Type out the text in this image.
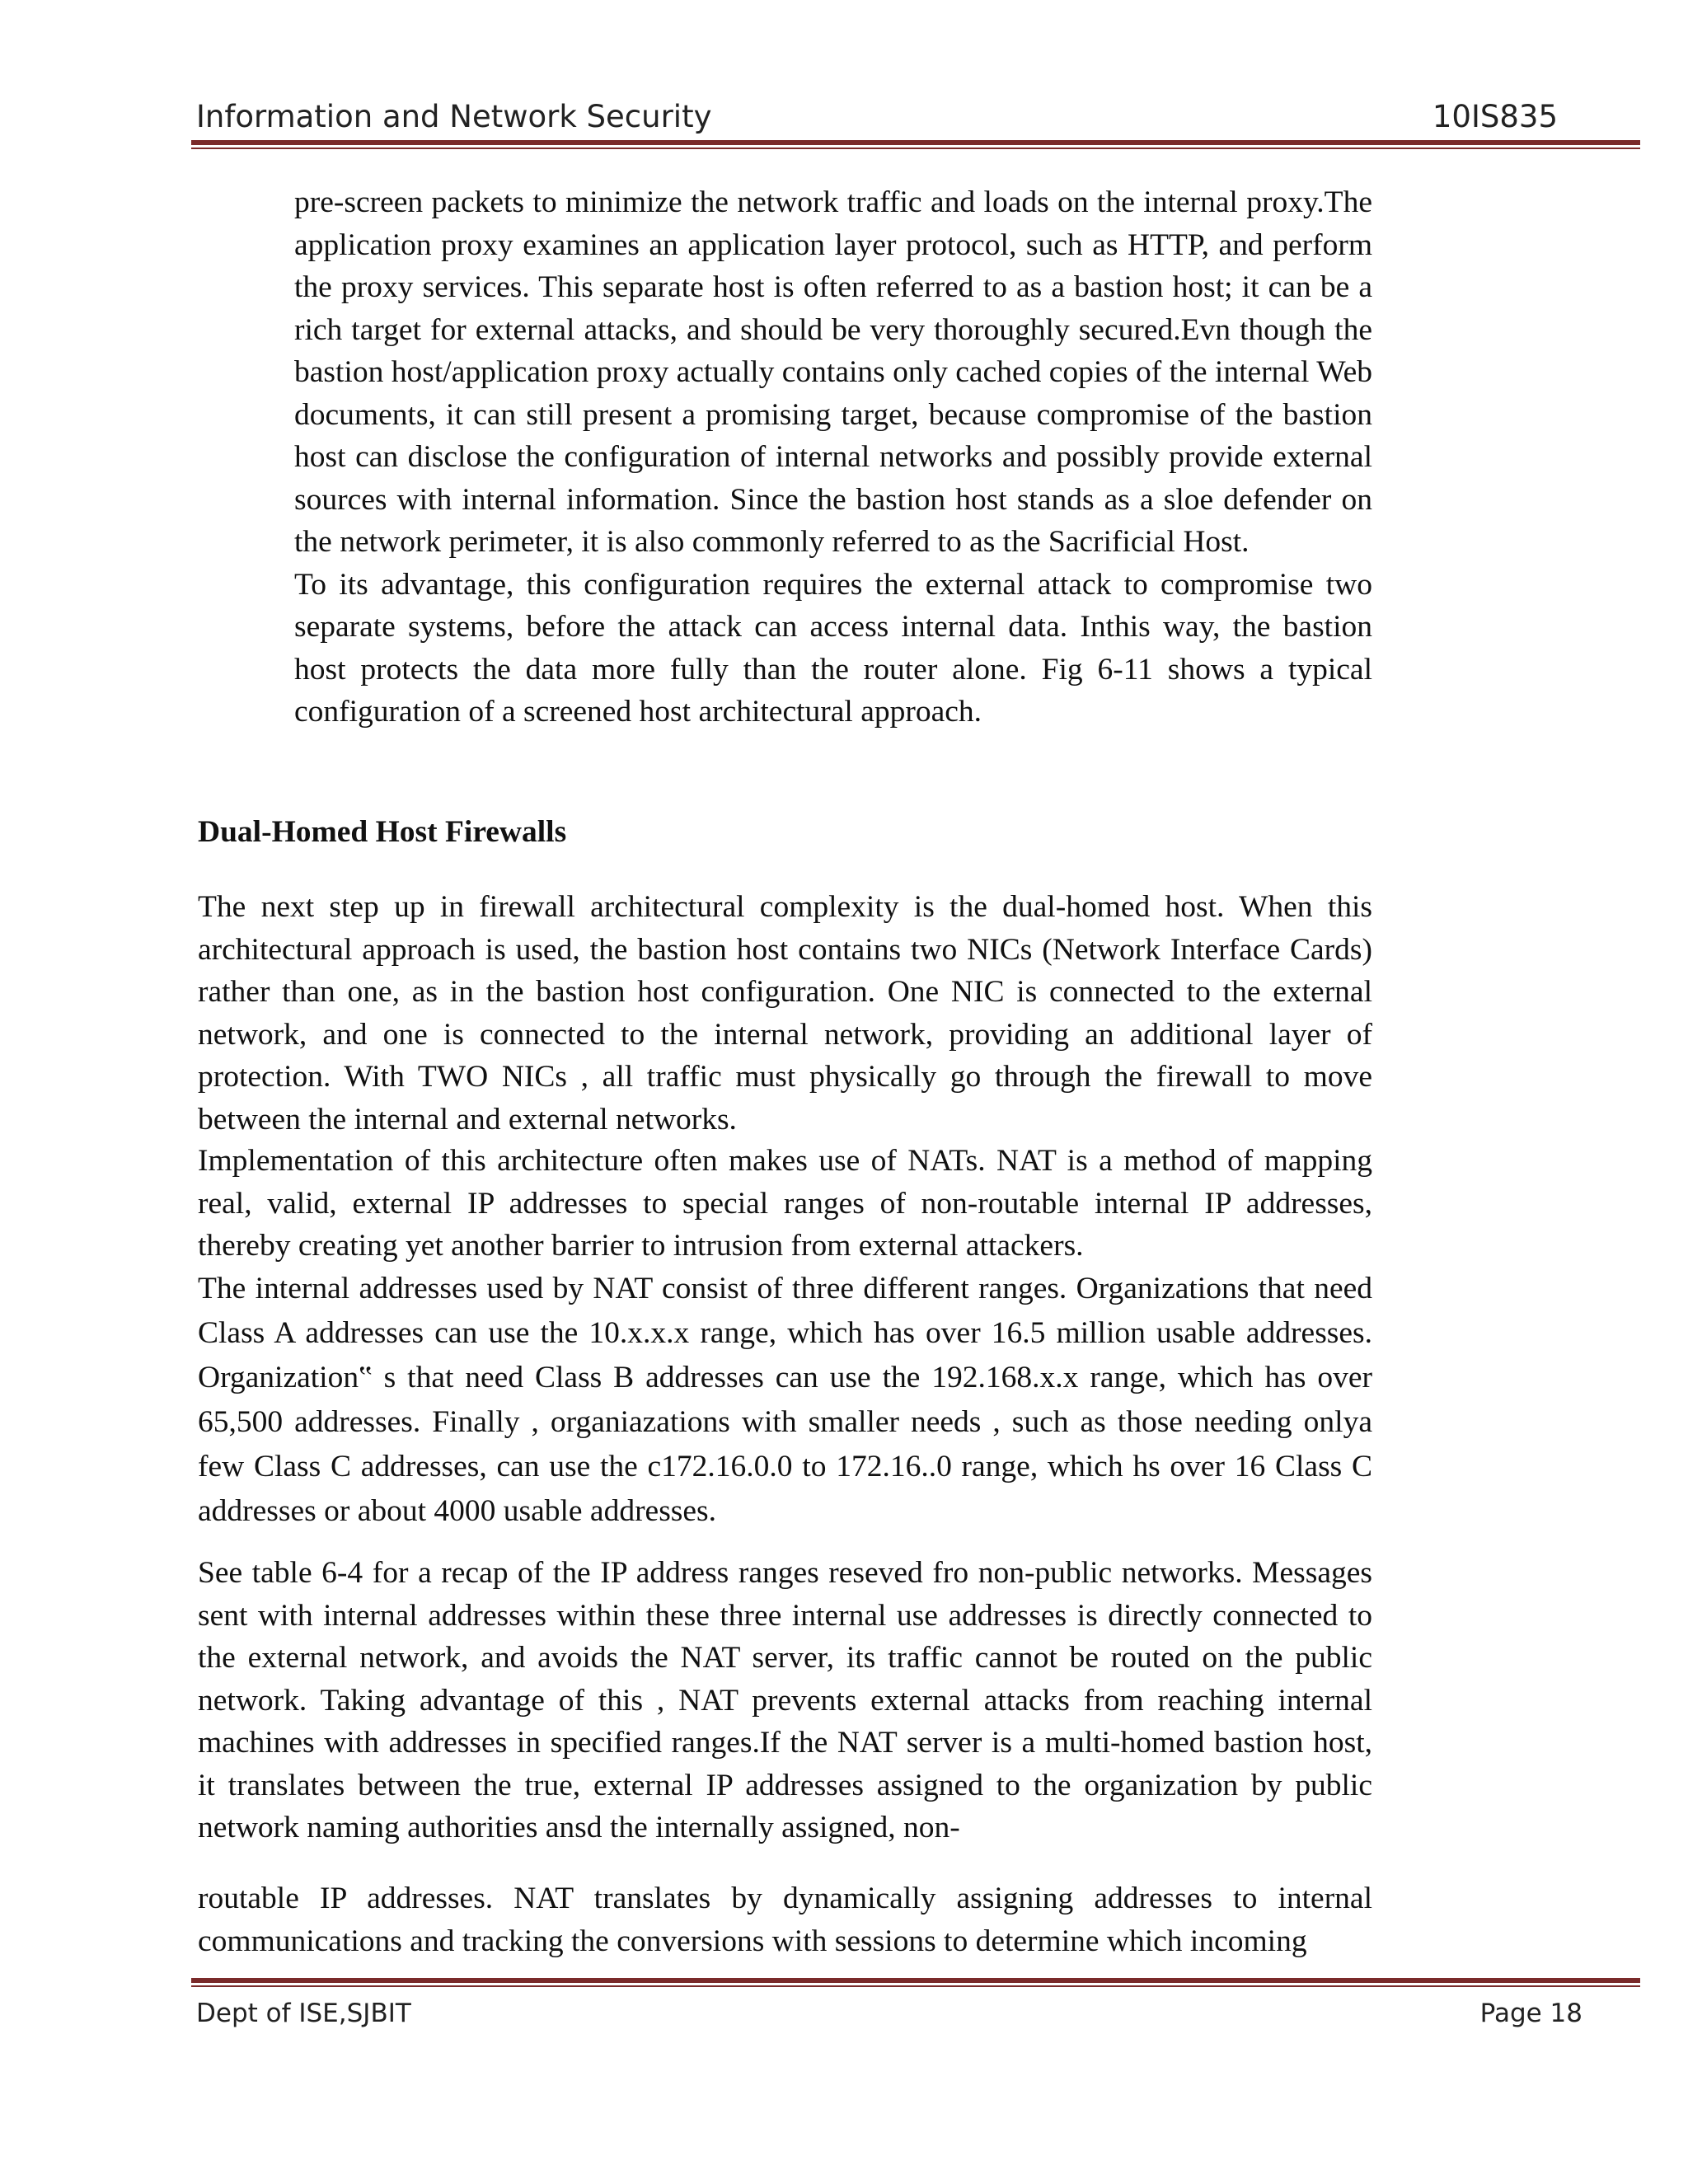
Information and Network Security	10IS835

pre-screen packets to minimize the network traffic and loads on the internal proxy.The application proxy examines an application layer protocol, such as HTTP, and perform the proxy services. This separate host is often referred to as a bastion host; it can be a rich target for external attacks, and should be very thoroughly secured.Evn though the bastion host/application proxy actually contains only cached copies of the internal Web documents, it can still present a promising target, because compromise of the bastion host can disclose the configuration of internal networks and possibly provide external sources with internal information. Since the bastion host stands as a sloe defender on the network perimeter, it is also commonly referred to as the Sacrificial Host.

To its advantage, this configuration requires the external attack to compromise two separate systems, before the attack can access internal data. Inthis way, the bastion host protects the data more fully than the router alone. Fig 6-11 shows a typical configuration of a screened host architectural approach.

Dual-Homed Host Firewalls

The next step up in firewall architectural complexity is the dual-homed host. When this architectural approach is used, the bastion host contains two NICs (Network Interface Cards) rather than one, as in the bastion host configuration. One NIC is connected to the external network, and one is connected to the internal network, providing an additional layer of protection. With TWO NICs , all traffic must physically go through the firewall to move between the internal and external networks.

Implementation of this architecture often makes use of NATs. NAT is a method of mapping real, valid, external IP addresses to special ranges of non-routable internal IP addresses, thereby creating yet another barrier to intrusion from external attackers.

The internal addresses used by NAT consist of three different ranges. Organizations that need Class A addresses can use the 10.x.x.x range, which has over 16.5 million usable addresses. Organization‟ s that need Class B addresses can use the 192.168.x.x range, which has over 65,500 addresses. Finally , organiazations with smaller needs , such as those needing onlya few Class C addresses, can use the c172.16.0.0 to 172.16..0 range, which hs over 16 Class C addresses or about 4000 usable addresses.

See table 6-4 for a recap of the IP address ranges reseved fro non-public networks. Messages sent with internal addresses within these three internal use addresses is directly connected to the external network, and avoids the NAT server, its traffic cannot be routed on the public network. Taking advantage of this , NAT prevents external attacks from reaching internal machines with addresses in specified ranges.If the NAT server is a multi-homed bastion host, it translates between the true, external IP addresses assigned to the organization by public network naming authorities ansd the internally assigned, non-

routable IP addresses. NAT translates by dynamically assigning addresses to internal communications and tracking the conversions with sessions to determine which incoming

Dept of ISE,SJBIT	Page 18
